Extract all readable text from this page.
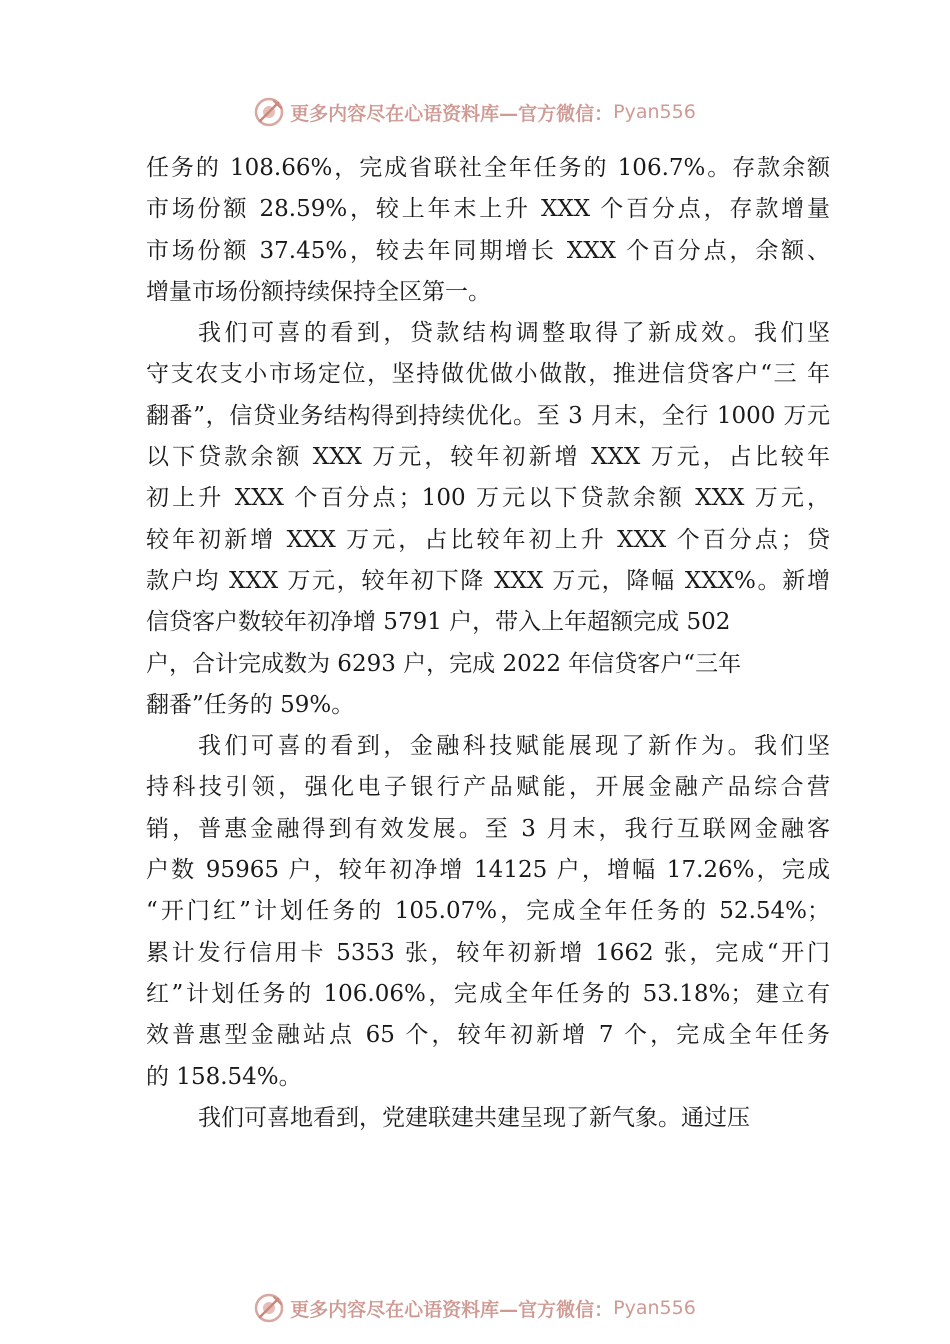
更多内容尽在心语资料库—官方微信： Pyan556
任务的 108.66%，完成省联社全年任务的 106.7%。存款余额
市场份额 28.59%，较上年末上升 XXX 个百分点，存款增量
市场份额 37.45%，较去年同期增长 XXX 个百分点，余额、
增量市场份额持续保持全区第一。
我们可喜的看到，贷款结构调整取得了新成效。我们坚
守支农支小市场定位，坚持做优做小做散，推进信贷客户“三 年
翻番”，信贷业务结构得到持续优化。至 3 月末，全行 1000 万元
以下贷款余额 XXX 万元，较年初新增 XXX 万元，占比较年
初上升 XXX 个百分点；100 万元以下贷款余额 XXX 万元，
较年初新增 XXX 万元，占比较年初上升 XXX 个百分点；贷
款户均 XXX 万元，较年初下降 XXX 万元，降幅 XXX%。新增
信贷客户数较年初净增 5791 户，带入上年超额完成 502
户，合计完成数为 6293 户，完成 2022 年信贷客户“三年
翻番”任务的 59%。
我们可喜的看到，金融科技赋能展现了新作为。我们坚
持科技引领，强化电子银行产品赋能，开展金融产品综合营
销，普惠金融得到有效发展。至 3 月末，我行互联网金融客
户数 95965 户，较年初净增 14125 户，增幅 17.26%，完成
“开门红”计划任务的 105.07%，完成全年任务的 52.54%；
累计发行信用卡 5353 张，较年初新增 1662 张，完成“开门
红”计划任务的 106.06%，完成全年任务的 53.18%；建立有
效普惠型金融站点 65 个，较年初新增 7 个，完成全年任务
的 158.54%。
我们可喜地看到，党建联建共建呈现了新气象。通过压
更多内容尽在心语资料库—官方微信： Pyan556
